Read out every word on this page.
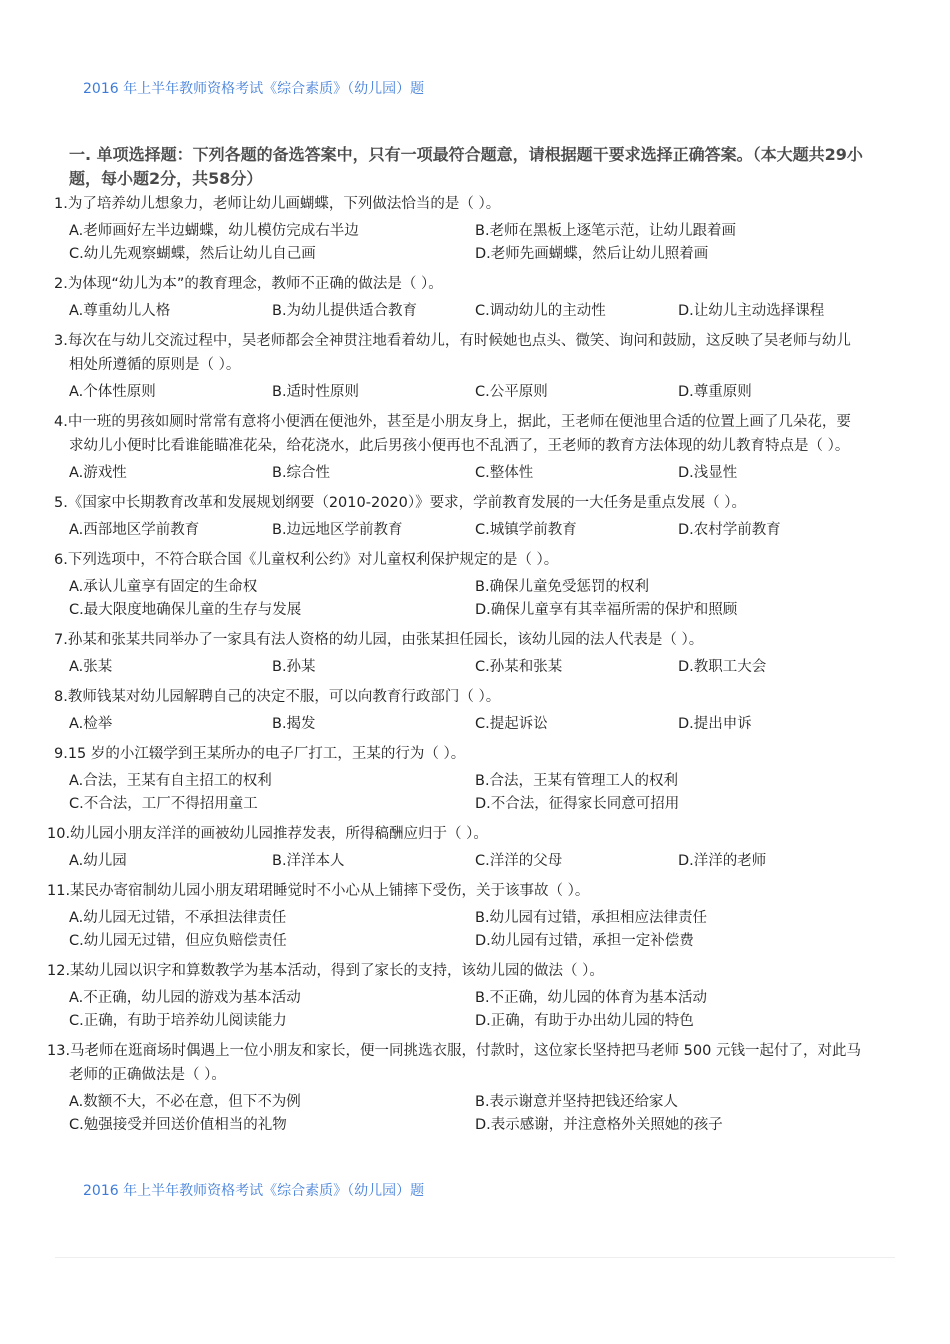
2016 年上半年教师资格考试《综合素质》（幼儿园）题
一. 单项选择题：下列各题的备选答案中，只有一项最符合题意，请根据题干要求选择正确答案。（本大题共29小题，每小题2分，共58分）
1.为了培养幼儿想象力，老师让幼儿画蝴蝶，下列做法恰当的是（ ）。
A.老师画好左半边蝴蝶，幼儿模仿完成右半边	B.老师在黑板上逐笔示范，让幼儿跟着画
C.幼儿先观察蝴蝶，然后让幼儿自己画	D.老师先画蝴蝶，然后让幼儿照着画
2.为体现“幼儿为本”的教育理念，教师不正确的做法是（ ）。
A.尊重幼儿人格	B.为幼儿提供适合教育	C.调动幼儿的主动性	D.让幼儿主动选择课程
3.每次在与幼儿交流过程中，吴老师都会全神贯注地看着幼儿，有时候她也点头、微笑、询问和鼓励，这反映了吴老师与幼儿相处所遵循的原则是（ ）。
A.个体性原则	B.适时性原则	C.公平原则	D.尊重原则
4.中一班的男孩如厕时常常有意将小便洒在便池外，甚至是小朋友身上，据此，王老师在便池里合适的位置上画了几朵花，要求幼儿小便时比看谁能瞄准花朵，给花浇水，此后男孩小便再也不乱洒了，王老师的教育方法体现的幼儿教育特点是（ ）。
A.游戏性	B.综合性	C.整体性	D.浅显性
5.《国家中长期教育改革和发展规划纲要（2010-2020）》要求，学前教育发展的一大任务是重点发展（ ）。
A.西部地区学前教育	B.边远地区学前教育	C.城镇学前教育	D.农村学前教育
6.下列选项中，不符合联合国《儿童权利公约》对儿童权利保护规定的是（ ）。
A.承认儿童享有固定的生命权	B.确保儿童免受惩罚的权利
C.最大限度地确保儿童的生存与发展	D.确保儿童享有其幸福所需的保护和照顾
7.孙某和张某共同举办了一家具有法人资格的幼儿园，由张某担任园长，该幼儿园的法人代表是（ ）。
A.张某	B.孙某	C.孙某和张某	D.教职工大会
8.教师钱某对幼儿园解聘自己的决定不服，可以向教育行政部门（ ）。
A.检举	B.揭发	C.提起诉讼	D.提出申诉
9.15 岁的小江辍学到王某所办的电子厂打工，王某的行为（ ）。
A.合法，王某有自主招工的权利	B.合法，王某有管理工人的权利
C.不合法，工厂不得招用童工	D.不合法，征得家长同意可招用
10.幼儿园小朋友洋洋的画被幼儿园推荐发表，所得稿酬应归于（ ）。
A.幼儿园	B.洋洋本人	C.洋洋的父母	D.洋洋的老师
11.某民办寄宿制幼儿园小朋友珺珺睡觉时不小心从上铺摔下受伤，关于该事故（ ）。
A.幼儿园无过错，不承担法律责任	B.幼儿园有过错，承担相应法律责任
C.幼儿园无过错，但应负赔偿责任	D.幼儿园有过错，承担一定补偿费
12.某幼儿园以识字和算数教学为基本活动，得到了家长的支持，该幼儿园的做法（ ）。
A.不正确，幼儿园的游戏为基本活动	B.不正确，幼儿园的体育为基本活动
C.正确，有助于培养幼儿阅读能力	D.正确，有助于办出幼儿园的特色
13.马老师在逛商场时偶遇上一位小朋友和家长，便一同挑选衣服，付款时，这位家长坚持把马老师 500 元钱一起付了，对此马老师的正确做法是（ ）。
A.数额不大，不必在意，但下不为例	B.表示谢意并坚持把钱还给家人
C.勉强接受并回送价值相当的礼物	D.表示感谢，并注意格外关照她的孩子
2016 年上半年教师资格考试《综合素质》（幼儿园）题
